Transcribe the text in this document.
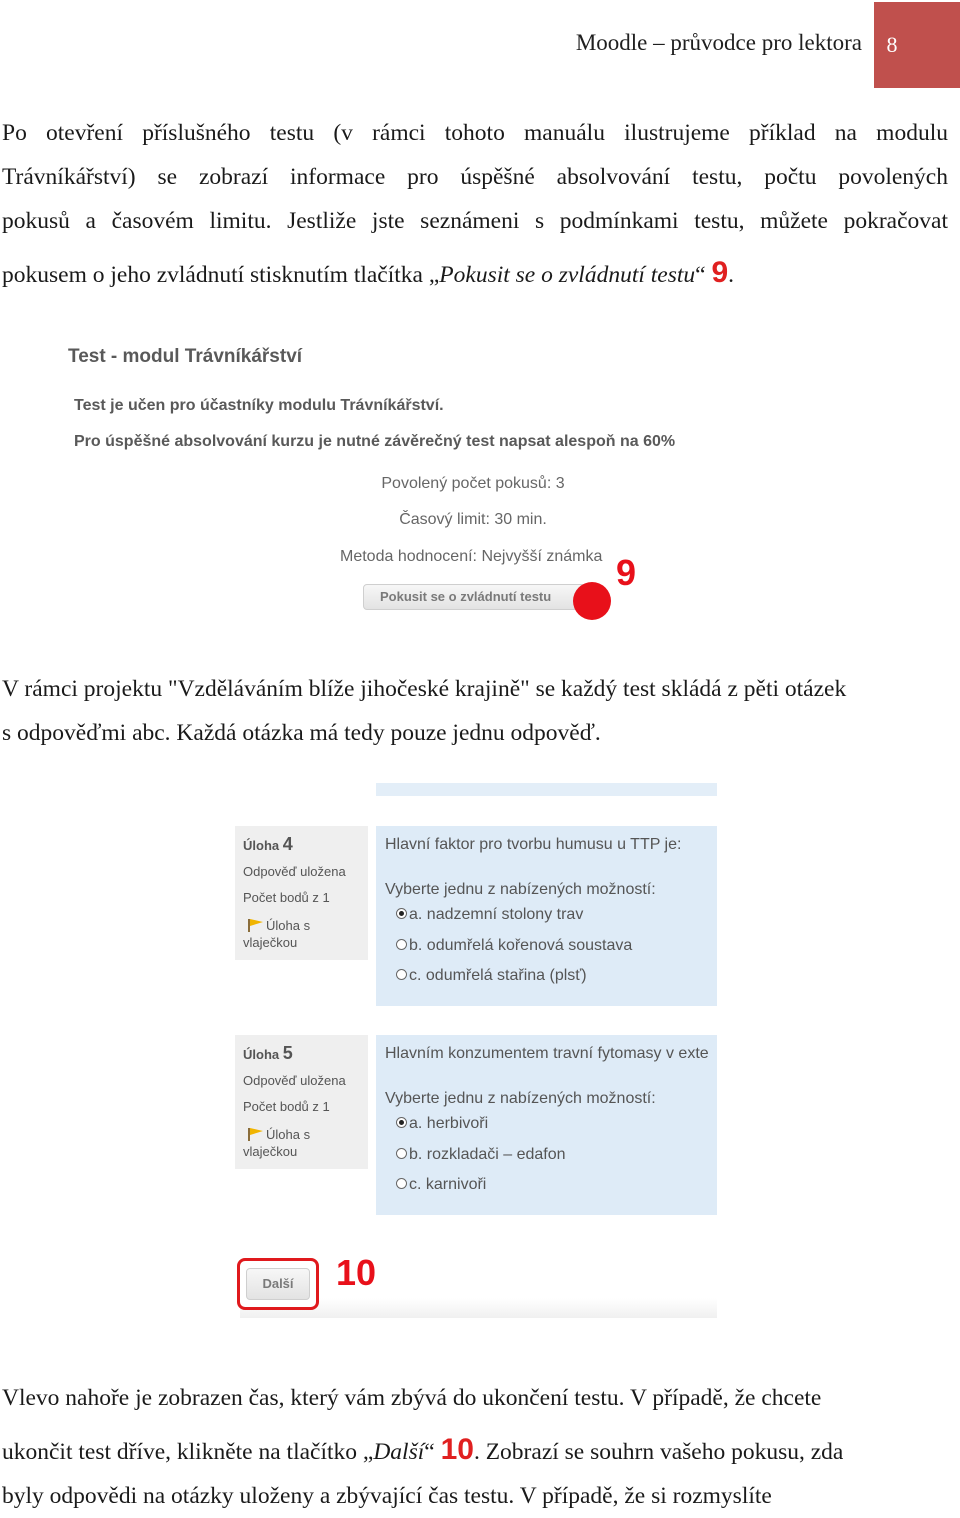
Moodle – průvodce pro lektora	8
Po otevření příslušného testu (v rámci tohoto manuálu ilustrujeme příklad na modulu
Trávníkářství) se zobrazí informace pro úspěšné absolvování testu, počtu povolených
pokusů a časovém limitu. Jestliže jste seznámeni s podmínkami testu, můžete pokračovat
pokusem o jeho zvládnutí stisknutím tlačítka „Pokusit se o zvládnutí testu“ 9.
Test - modul Trávníkářství
Test je učen pro účastníky modulu Trávníkářství.
Pro úspěšné absolvování kurzu je nutné závěrečný test napsat alespoň na 60%
Povolený počet pokusů: 3
Časový limit: 30 min.
Metoda hodnocení: Nejvyšší známka
Pokusit se o zvládnutí testu
9
V rámci projektu "Vzděláváním blíže jihočeské krajině" se každý test skládá z pěti otázek
s odpověďmi abc. Každá otázka má tedy pouze jednu odpověď.
Úloha 4
Odpověď uložena
Počet bodů z 1
Úloha s
vlaječkou
Hlavní faktor pro tvorbu humusu u TTP je:
Vyberte jednu z nabízených možností:
a. nadzemní stolony trav
b. odumřelá kořenová soustava
c. odumřelá stařina (plsť)
Úloha 5
Odpověď uložena
Počet bodů z 1
Úloha s
vlaječkou
Hlavním konzumentem travní fytomasy v exte
Vyberte jednu z nabízených možností:
a. herbivoři
b. rozkladači – edafon
c. karnivoři
Další	10
Vlevo nahoře je zobrazen čas, který vám zbývá do ukončení testu. V případě, že chcete
ukončit test dříve, klikněte na tlačítko „Další“ 10. Zobrazí se souhrn vašeho pokusu, zda
byly odpovědi na otázky uloženy a zbývající čas testu. V případě, že si rozmyslíte
